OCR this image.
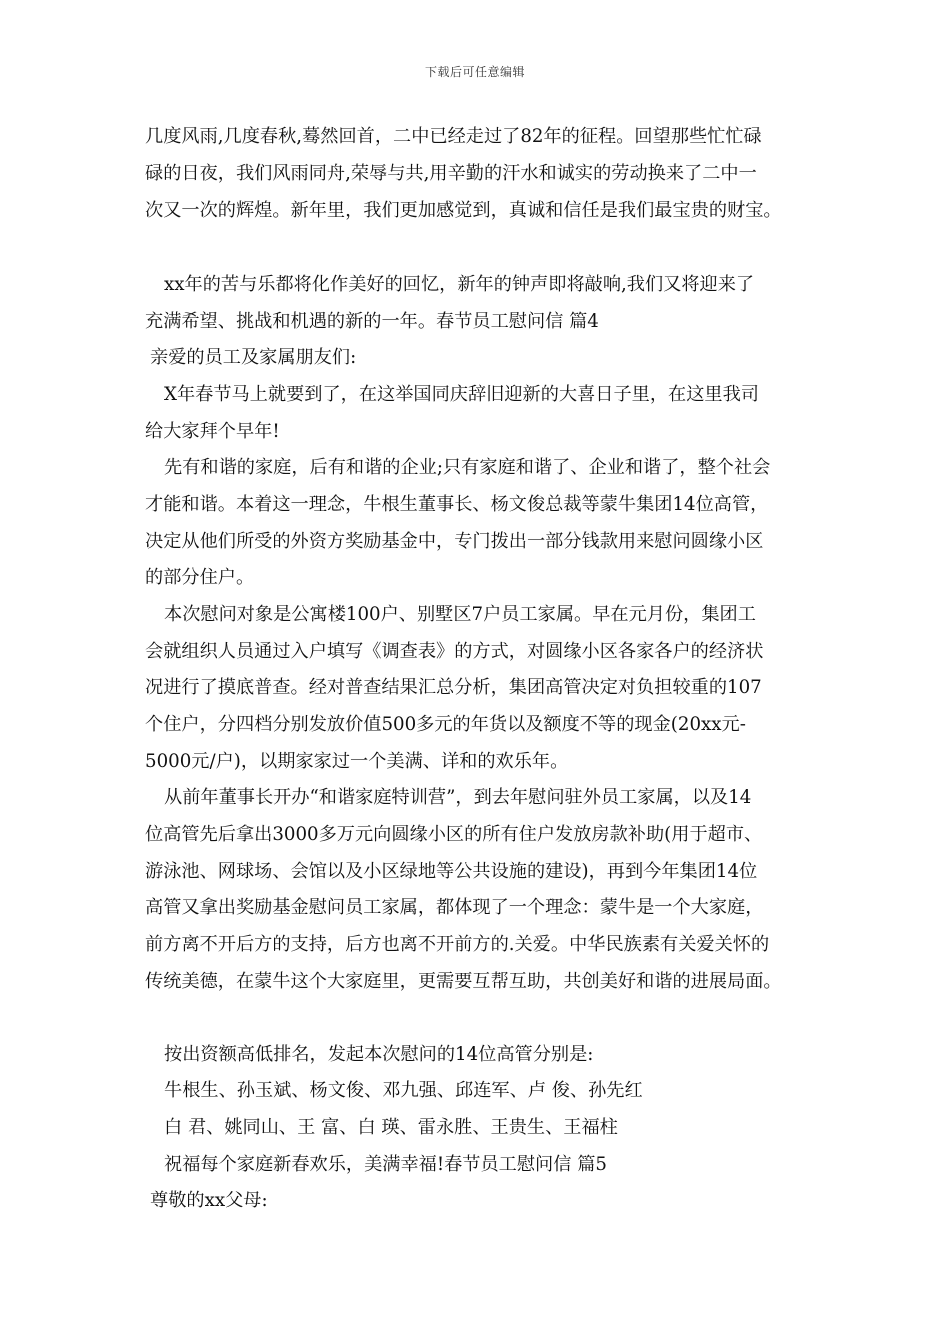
下载后可任意编辑
几度风雨,几度春秋,蓦然回首，二中已经走过了82年的征程。回望那些忙忙碌
碌的日夜，我们风雨同舟,荣辱与共,用辛勤的汗水和诚实的劳动换来了二中一
次又一次的辉煌。新年里，我们更加感觉到，真诚和信任是我们最宝贵的财宝。
xx年的苦与乐都将化作美好的回忆，新年的钟声即将敲响,我们又将迎来了
充满希望、挑战和机遇的新的一年。春节员工慰问信 篇4
亲爱的员工及家属朋友们:
X年春节马上就要到了，在这举国同庆辞旧迎新的大喜日子里，在这里我司
给大家拜个早年!
先有和谐的家庭，后有和谐的企业;只有家庭和谐了、企业和谐了，整个社会
才能和谐。本着这一理念，牛根生董事长、杨文俊总裁等蒙牛集团14位高管，
决定从他们所受的外资方奖励基金中，专门拨出一部分钱款用来慰问圆缘小区
的部分住户。
本次慰问对象是公寓楼100户、别墅区7户员工家属。早在元月份，集团工
会就组织人员通过入户填写《调查表》的方式，对圆缘小区各家各户的经济状
况进行了摸底普查。经对普查结果汇总分析，集团高管决定对负担较重的107
个住户，分四档分别发放价值500多元的年货以及额度不等的现金(20xx元-
5000元/户)，以期家家过一个美满、详和的欢乐年。
从前年董事长开办“和谐家庭特训营”，到去年慰问驻外员工家属，以及14
位高管先后拿出3000多万元向圆缘小区的所有住户发放房款补助(用于超市、
游泳池、网球场、会馆以及小区绿地等公共设施的建设)，再到今年集团14位
高管又拿出奖励基金慰问员工家属，都体现了一个理念：蒙牛是一个大家庭，
前方离不开后方的支持，后方也离不开前方的.关爱。中华民族素有关爱关怀的
传统美德，在蒙牛这个大家庭里，更需要互帮互助，共创美好和谐的进展局面。
按出资额高低排名，发起本次慰问的14位高管分别是:
牛根生、孙玉斌、杨文俊、邓九强、邱连军、卢 俊、孙先红
白 君、姚同山、王 富、白 瑛、雷永胜、王贵生、王福柱
祝福每个家庭新春欢乐，美满幸福!春节员工慰问信 篇5
尊敬的xx父母:
